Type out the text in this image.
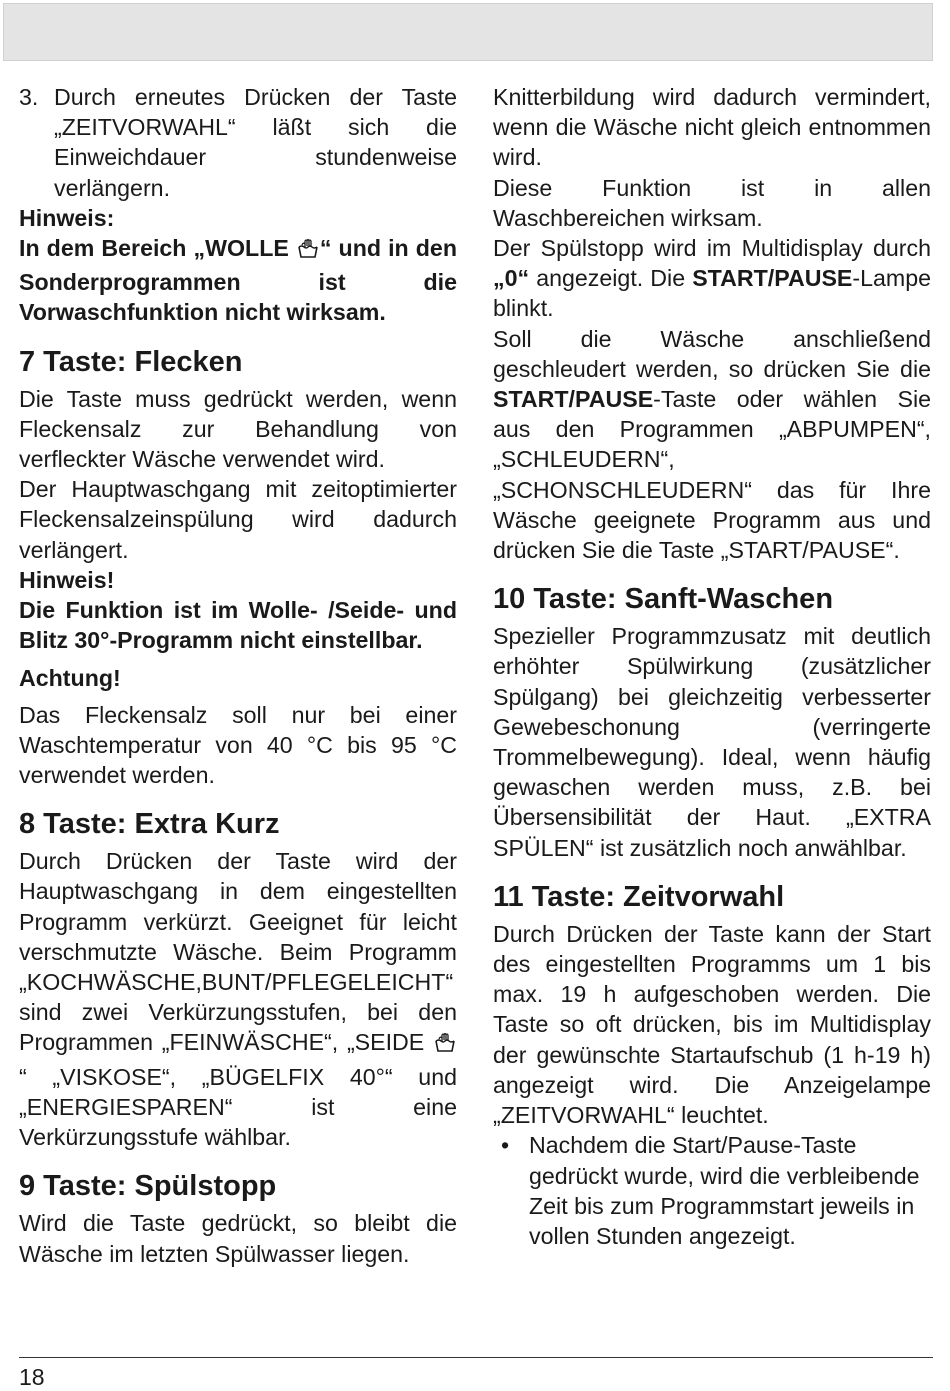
3. Durch erneutes Drücken der Taste „ZEITVORWAHL“ läßt sich die Einweichdauer stundenweise verlängern.

Hinweis:

In dem Bereich „WOLLE “ und in den Sonderprogrammen ist die Vorwaschfunktion nicht wirksam.

7 Taste: Flecken

Die Taste muss gedrückt werden, wenn Fleckensalz zur Behandlung von verfleckter Wäsche verwendet wird.

Der Hauptwaschgang mit zeitoptimierter Fleckensalzeinspülung wird dadurch verlängert.

Hinweis!

Die Funktion ist im Wolle- /Seide- und Blitz 30°-Programm nicht einstellbar.

Achtung!

Das Fleckensalz soll nur bei einer Waschtemperatur von 40 °C bis 95 °C verwendet werden.

8 Taste: Extra Kurz

Durch Drücken der Taste wird der Hauptwaschgang in dem eingestellten Programm verkürzt. Geeignet für leicht verschmutzte Wäsche. Beim Programm „KOCHWÄSCHE,BUNT/PFLEGELEICHT“ sind zwei Verkürzungsstufen, bei den Programmen „FEINWÄSCHE“, „SEIDE “ „VISKOSE“, „BÜGELFIX 40°“ und „ENERGIESPAREN“ ist eine Verkürzungsstufe wählbar.

9 Taste: Spülstopp

Wird die Taste gedrückt, so bleibt die Wäsche im letzten Spülwasser liegen.

Knitterbildung wird dadurch vermindert, wenn die Wäsche nicht gleich entnommen wird.

Diese Funktion ist in allen Waschbereichen wirksam.

Der Spülstopp wird im Multidisplay durch „0“ angezeigt. Die START/PAUSE-Lampe blinkt.

Soll die Wäsche anschließend geschleudert werden, so drücken Sie die START/PAUSE-Taste oder wählen Sie aus den Programmen „ABPUMPEN“, „SCHLEUDERN“, „SCHONSCHLEUDERN“ das für Ihre Wäsche geeignete Programm aus und drücken Sie die Taste „START/PAUSE“.

10 Taste: Sanft-Waschen

Spezieller Programmzusatz mit deutlich erhöhter Spülwirkung (zusätzlicher Spülgang) bei gleichzeitig verbesserter Gewebeschonung (verringerte Trommelbewegung). Ideal, wenn häufig gewaschen werden muss, z.B. bei Übersensibilität der Haut. „EXTRA SPÜLEN“ ist zusätzlich noch anwählbar.

11 Taste: Zeitvorwahl

Durch Drücken der Taste kann der Start des eingestellten Programms um 1 bis max. 19 h aufgeschoben werden. Die Taste so oft drücken, bis im Multidisplay der gewünschte Startaufschub (1 h-19 h) angezeigt wird. Die Anzeigelampe „ZEITVORWAHL“ leuchtet.

• Nachdem die Start/Pause-Taste gedrückt wurde, wird die verbleibende Zeit bis zum Programmstart jeweils in vollen Stunden angezeigt.
18
